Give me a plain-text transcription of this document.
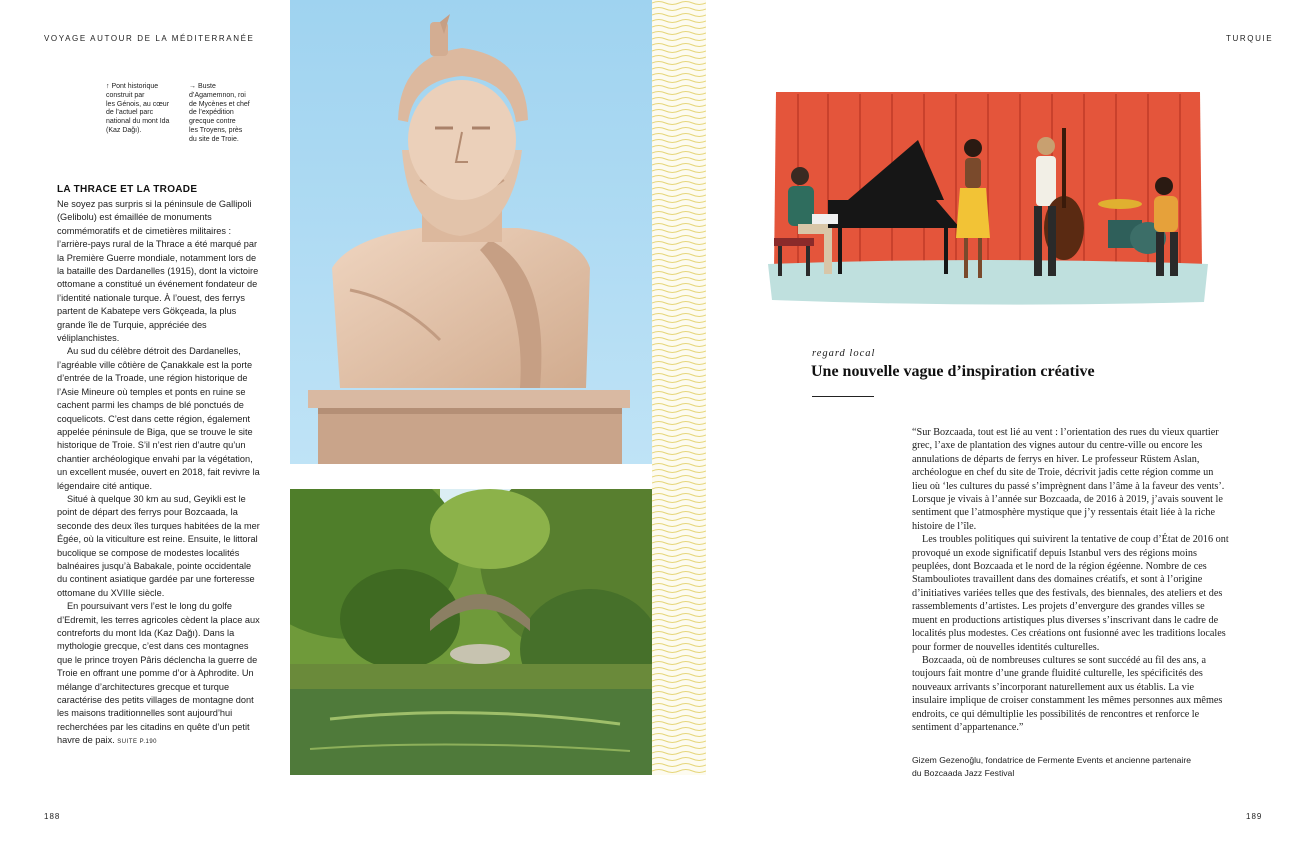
VOYAGE AUTOUR DE LA MÉDITERRANÉE	TURQUIE
↑ Pont historique
construit par
les Génois, au cœur
de l’actuel parc
national du mont Ida
(Kaz Dağı).
→ Buste
d’Agamemnon, roi
de Mycènes et chef
de l’expédition
grecque contre
les Troyens, près
du site de Troie.
LA THRACE ET LA TROADE

Ne soyez pas surpris si la péninsule de Gallipoli (Gelibolu) est émaillée de monuments commémoratifs et de cimetières militaires : l’arrière-pays rural de la Thrace a été marqué par la Première Guerre mondiale, notamment lors de la bataille des Dardanelles (1915), dont la victoire ottomane a constitué un événement fondateur de l’identité nationale turque. À l’ouest, des ferrys partent de Kabatepe vers Gökçeada, la plus grande île de Turquie, appréciée des véliplanchistes.

Au sud du célèbre détroit des Dardanelles, l’agréable ville côtière de Çanakkale est la porte d’entrée de la Troade, une région historique de l’Asie Mineure où temples et ponts en ruine se cachent parmi les champs de blé ponctués de coquelicots. C’est dans cette région, également appelée péninsule de Biga, que se trouve le site historique de Troie. S’il n’est rien d’autre qu’un chantier archéologique envahi par la végétation, un excellent musée, ouvert en 2018, fait revivre la légendaire cité antique.

Situé à quelque 30 km au sud, Geyikli est le point de départ des ferrys pour Bozcaada, la seconde des deux îles turques habitées de la mer Égée, où la viticulture est reine. Ensuite, le littoral bucolique se compose de modestes localités balnéaires jusqu’à Babakale, pointe occidentale du continent asiatique gardée par une forteresse ottomane du XVIIIe siècle.

En poursuivant vers l’est le long du golfe d’Edremit, les terres agricoles cèdent la place aux contreforts du mont Ida (Kaz Dağı). Dans la mythologie grecque, c’est dans ces montagnes que le prince troyen Pâris déclencha la guerre de Troie en offrant une pomme d’or à Aphrodite. Un mélange d’architectures grecque et turque caractérise des petits villages de montagne dont les maisons traditionnelles sont aujourd’hui recherchées par les citadins en quête d’un petit havre de paix. SUITE P.190

regard local
Une nouvelle vague d’inspiration créative

“Sur Bozcaada, tout est lié au vent : l’orientation des rues du vieux quartier grec, l’axe de plantation des vignes autour du centre-ville ou encore les annulations de départs de ferrys en hiver. Le professeur Rüstem Aslan, archéologue en chef du site de Troie, décrivit jadis cette région comme un lieu où ‘les cultures du passé s’imprègnent dans l’âme à la faveur des vents’. Lorsque je vivais à l’année sur Bozcaada, de 2016 à 2019, j’avais souvent le sentiment que l’atmosphère mystique que j’y ressentais était liée à la riche histoire de l’île.

Les troubles politiques qui suivirent la tentative de coup d’État de 2016 ont provoqué un exode significatif depuis Istanbul vers des régions moins peuplées, dont Bozcaada et le nord de la région égéenne. Nombre de ces Stambouliotes travaillent dans des domaines créatifs, et sont à l’origine d’initiatives variées telles que des festivals, des biennales, des ateliers et des rassemblements d’artistes. Les projets d’envergure des grandes villes se muent en productions artistiques plus diverses s’inscrivant dans le cadre de localités plus modestes. Ces créations ont fusionné avec les traditions locales pour former de nouvelles identités culturelles.

Bozcaada, où de nombreuses cultures se sont succédé au fil des ans, a toujours fait montre d’une grande fluidité culturelle, les spécificités des nouveaux arrivants s’incorporant naturellement aux us établis. La vie insulaire implique de croiser constamment les mêmes personnes aux mêmes endroits, ce qui démultiplie les possibilités de rencontres et renforce le sentiment d’appartenance.”

Gizem Gezenoğlu, fondatrice de Fermente Events et ancienne partenaire
du Bozcaada Jazz Festival
188	189
